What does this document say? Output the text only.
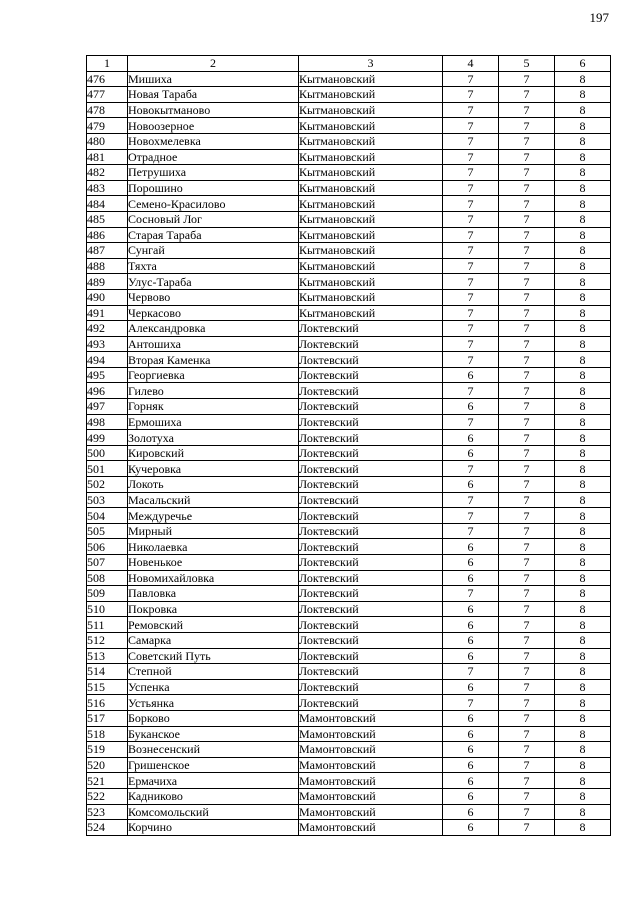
197
1	2	3	4	5	6
476	Мишиха	Кытмановский	7	7	8
477	Новая Тараба	Кытмановский	7	7	8
478	Новокытманово	Кытмановский	7	7	8
479	Новоозерное	Кытмановский	7	7	8
480	Новохмелевка	Кытмановский	7	7	8
481	Отрадное	Кытмановский	7	7	8
482	Петрушиха	Кытмановский	7	7	8
483	Порошино	Кытмановский	7	7	8
484	Семено-Красилово	Кытмановский	7	7	8
485	Сосновый Лог	Кытмановский	7	7	8
486	Старая Тараба	Кытмановский	7	7	8
487	Сунгай	Кытмановский	7	7	8
488	Тяхта	Кытмановский	7	7	8
489	Улус-Тараба	Кытмановский	7	7	8
490	Червово	Кытмановский	7	7	8
491	Черкасово	Кытмановский	7	7	8
492	Александровка	Локтевский	7	7	8
493	Антошиха	Локтевский	7	7	8
494	Вторая Каменка	Локтевский	7	7	8
495	Георгиевка	Локтевский	6	7	8
496	Гилево	Локтевский	7	7	8
497	Горняк	Локтевский	6	7	8
498	Ермошиха	Локтевский	7	7	8
499	Золотуха	Локтевский	6	7	8
500	Кировский	Локтевский	6	7	8
501	Кучеровка	Локтевский	7	7	8
502	Локоть	Локтевский	6	7	8
503	Масальский	Локтевский	7	7	8
504	Междуречье	Локтевский	7	7	8
505	Мирный	Локтевский	7	7	8
506	Николаевка	Локтевский	6	7	8
507	Новенькое	Локтевский	6	7	8
508	Новомихайловка	Локтевский	6	7	8
509	Павловка	Локтевский	7	7	8
510	Покровка	Локтевский	6	7	8
511	Ремовский	Локтевский	6	7	8
512	Самарка	Локтевский	6	7	8
513	Советский Путь	Локтевский	6	7	8
514	Степной	Локтевский	7	7	8
515	Успенка	Локтевский	6	7	8
516	Устьянка	Локтевский	7	7	8
517	Борково	Мамонтовский	6	7	8
518	Буканское	Мамонтовский	6	7	8
519	Вознесенский	Мамонтовский	6	7	8
520	Гришенское	Мамонтовский	6	7	8
521	Ермачиха	Мамонтовский	6	7	8
522	Кадниково	Мамонтовский	6	7	8
523	Комсомольский	Мамонтовский	6	7	8
524	Корчино	Мамонтовский	6	7	8
